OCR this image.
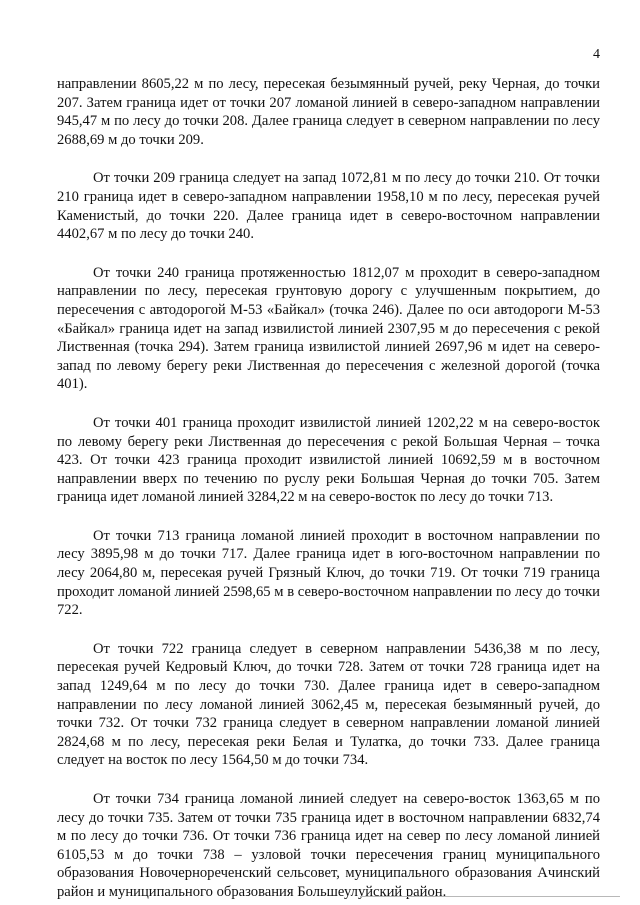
4

направлении 8605,22 м по лесу, пересекая безымянный ручей, реку Черная, до точки 207. Затем граница идет от точки 207 ломаной линией в северо-западном направлении 945,47 м по лесу до точки 208. Далее граница следует в северном направлении по лесу 2688,69 м до точки 209.

От точки 209 граница следует на запад 1072,81 м по лесу до точки 210. От точки 210 граница идет в северо-западном направлении 1958,10 м по лесу, пересекая ручей Каменистый, до точки 220. Далее граница идет в северо-восточном направлении 4402,67 м по лесу до точки 240.

От точки 240 граница протяженностью 1812,07 м проходит в северо-западном направлении по лесу, пересекая грунтовую дорогу с улучшенным покрытием, до пересечения с автодорогой М-53 «Байкал» (точка 246). Далее по оси автодороги М-53 «Байкал» граница идет на запад извилистой линией 2307,95 м до пересечения с рекой Лиственная (точка 294). Затем граница извилистой линией 2697,96 м идет на северо-запад по левому берегу реки Лиственная до пересечения с железной дорогой (точка 401).

От точки 401 граница проходит извилистой линией 1202,22 м на северо-восток по левому берегу реки Лиственная до пересечения с рекой Большая Черная – точка 423. От точки 423 граница проходит извилистой линией 10692,59 м в восточном направлении вверх по течению по руслу реки Большая Черная до точки 705. Затем граница идет ломаной линией 3284,22 м на северо-восток по лесу до точки 713.

От точки 713 граница ломаной линией проходит в восточном направлении по лесу 3895,98 м до точки 717. Далее граница идет в юго-восточном направлении по лесу 2064,80 м, пересекая ручей Грязный Ключ, до точки 719. От точки 719 граница проходит ломаной линией 2598,65 м в северо-восточном направлении по лесу до точки 722.

От точки 722 граница следует в северном направлении 5436,38 м по лесу, пересекая ручей Кедровый Ключ, до точки 728. Затем от точки 728 граница идет на запад 1249,64 м по лесу до точки 730. Далее граница идет в северо-западном направлении по лесу ломаной линией 3062,45 м, пересекая безымянный ручей, до точки 732. От точки 732 граница следует в северном направлении ломаной линией 2824,68 м по лесу, пересекая реки Белая и Тулатка, до точки 733. Далее граница следует на восток по лесу 1564,50 м до точки 734.

От точки 734 граница ломаной линией следует на северо-восток 1363,65 м по лесу до точки 735. Затем от точки 735 граница идет в восточном направлении 6832,74 м по лесу до точки 736. От точки 736 граница идет на север по лесу ломаной линией 6105,53 м до точки 738 – узловой точки пересечения границ муниципального образования Новочернореченский сельсовет, муниципального образования Ачинский район и муниципального образования Большеулуйский район.
